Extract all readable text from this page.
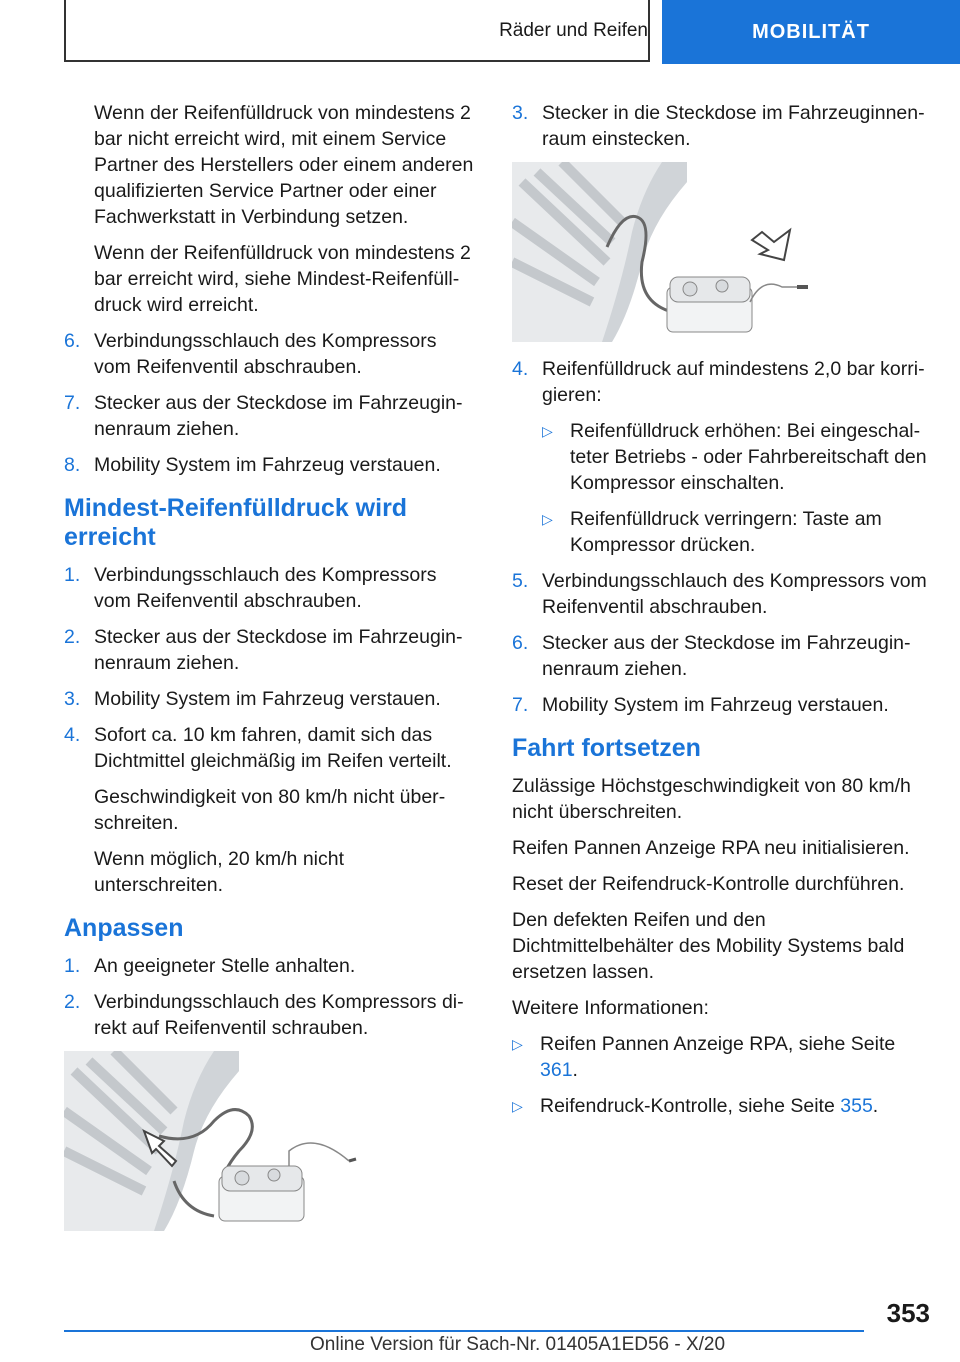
Räder und Reifen	MOBILITÄT

Wenn der Reifenfülldruck von mindestens 2 bar nicht erreicht wird, mit einem Service Partner des Herstellers oder einem anderen qualifizierten Service Partner oder einer Fachwerkstatt in Verbindung setzen.

Wenn der Reifenfülldruck von mindestens 2 bar erreicht wird, siehe Mindest-Reifenfülldruck wird erreicht.

6. Verbindungsschlauch des Kompressors vom Reifenventil abschrauben.
7. Stecker aus der Steckdose im Fahrzeuginnenraum ziehen.
8. Mobility System im Fahrzeug verstauen.
Mindest-Reifenfülldruck wird erreicht
1. Verbindungsschlauch des Kompressors vom Reifenventil abschrauben.
2. Stecker aus der Steckdose im Fahrzeuginnenraum ziehen.
3. Mobility System im Fahrzeug verstauen.
4. Sofort ca. 10 km fahren, damit sich das Dichtmittel gleichmäßig im Reifen verteilt.

Geschwindigkeit von 80 km/h nicht überschreiten.

Wenn möglich, 20 km/h nicht unterschreiten.

Anpassen
1. An geeigneter Stelle anhalten.
2. Verbindungsschlauch des Kompressors direkt auf Reifenventil schrauben.
3. Stecker in die Steckdose im Fahrzeuginnenraum einstecken.
4. Reifenfülldruck auf mindestens 2,0 bar korrigieren:
▷ Reifenfülldruck erhöhen: Bei eingeschalteter Betriebs - oder Fahrbereitschaft den Kompressor einschalten.
▷ Reifenfülldruck verringern: Taste am Kompressor drücken.
5. Verbindungsschlauch des Kompressors vom Reifenventil abschrauben.
6. Stecker aus der Steckdose im Fahrzeuginnenraum ziehen.
7. Mobility System im Fahrzeug verstauen.
Fahrt fortsetzen

Zulässige Höchstgeschwindigkeit von 80 km/h nicht überschreiten.

Reifen Pannen Anzeige RPA neu initialisieren.

Reset der Reifendruck-Kontrolle durchführen.

Den defekten Reifen und den Dichtmittelbehälter des Mobility Systems bald ersetzen lassen.

Weitere Informationen:

▷ Reifen Pannen Anzeige RPA, siehe Seite 361.
▷ Reifendruck-Kontrolle, siehe Seite 355.
353
Online Version für Sach-Nr. 01405A1ED56 - X/20
